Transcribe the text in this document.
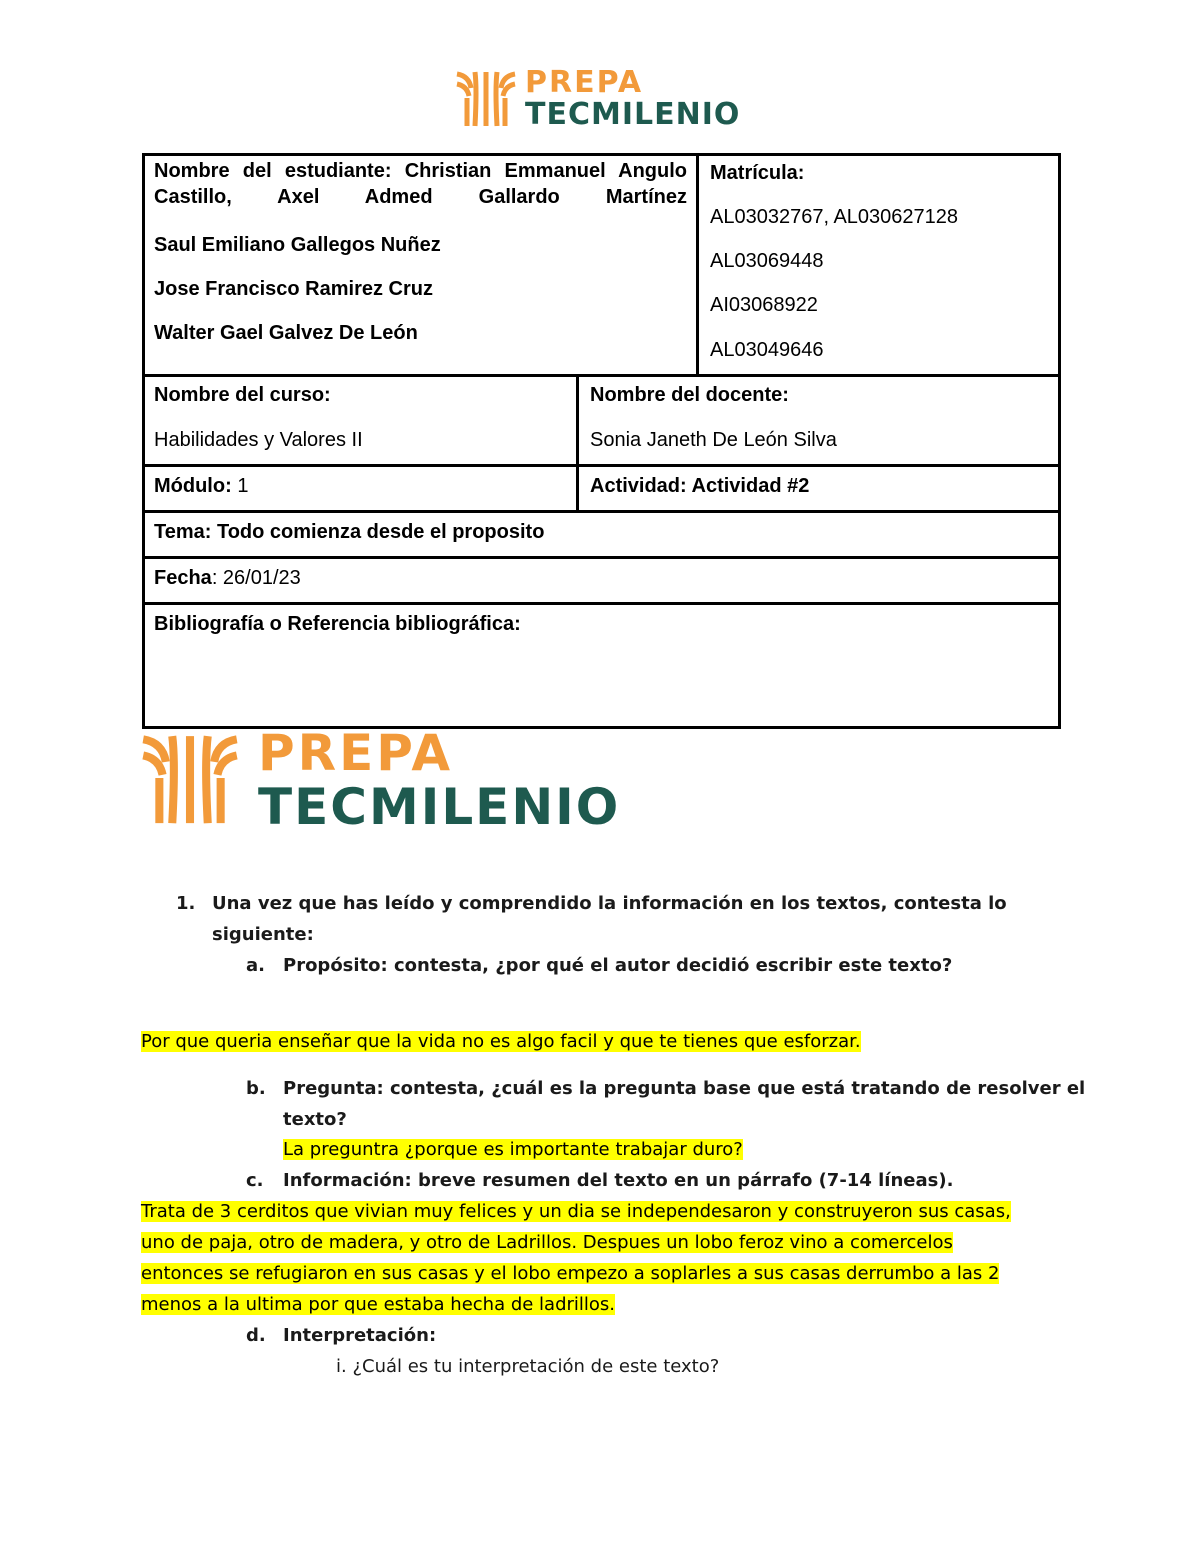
PREPA
TECMILENIO

Nombre del estudiante: Christian Emmanuel Angulo Castillo, Axel Admed Gallardo Martínez

Saul Emiliano Gallegos Nuñez
Jose Francisco Ramirez Cruz
Walter Gael Galvez De León
Matrícula:
AL03032767, AL030627128
AL03069448
AI03068922
AL03049646
Nombre del curso:
Habilidades y Valores II
Nombre del docente:
Sonia Janeth De León Silva
Módulo: 1	Actividad: Actividad #2
Tema: Todo comienza desde el proposito
Fecha: 26/01/23
Bibliografía o Referencia bibliográfica:
PREPA
TECMILENIO
1. Una vez que has leído y comprendido la información en los textos, contesta lo
siguiente:
a. Propósito: contesta, ¿por qué el autor decidió escribir este texto?
Por que queria enseñar que la vida no es algo facil y que te tienes que esforzar.
b. Pregunta: contesta, ¿cuál es la pregunta base que está tratando de resolver el
texto?
La preguntra ¿porque es importante trabajar duro?
c. Información: breve resumen del texto en un párrafo (7-14 líneas).
Trata de 3 cerditos que vivian muy felices y un dia se independesaron y construyeron sus casas,
uno de paja, otro de madera, y otro de Ladrillos. Despues un lobo feroz vino a comercelos
entonces se refugiaron en sus casas y el lobo empezo a soplarles a sus casas derrumbo a las 2
menos a la ultima por que estaba hecha de ladrillos.
d. Interpretación:
i. ¿Cuál es tu interpretación de este texto?
